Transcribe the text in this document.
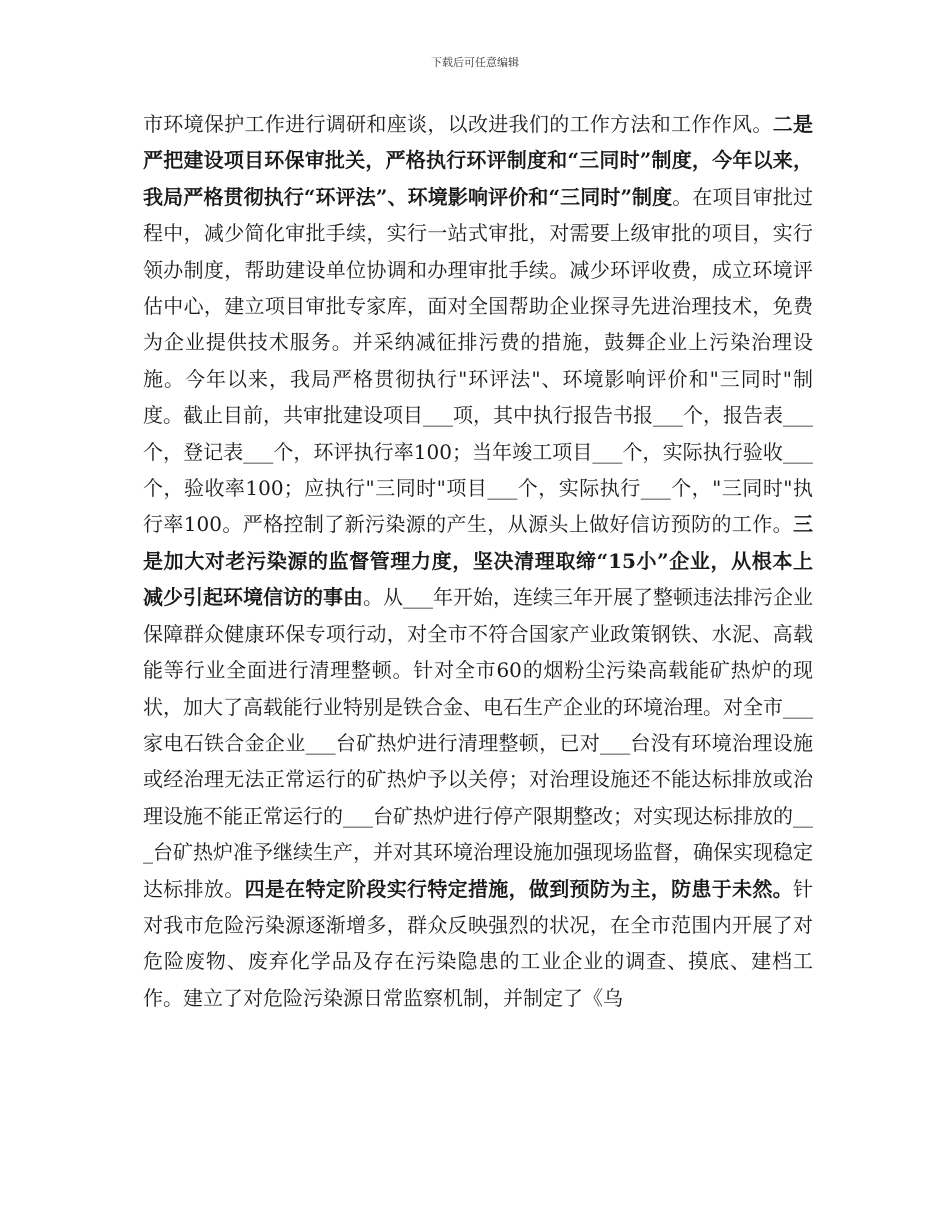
下载后可任意编辑

市环境保护工作进行调研和座谈，以改进我们的工作方法和工作作风。二是严把建设项目环保审批关，严格执行环评制度和“三同时”制度，今年以来，我局严格贯彻执行“环评法”、环境影响评价和“三同时”制度。在项目审批过程中，减少简化审批手续，实行一站式审批，对需要上级审批的项目，实行领办制度，帮助建设单位协调和办理审批手续。减少环评收费，成立环境评估中心，建立项目审批专家库，面对全国帮助企业探寻先进治理技术，免费为企业提供技术服务。并采纳减征排污费的措施，鼓舞企业上污染治理设施。今年以来，我局严格贯彻执行"环评法"、环境影响评价和"三同时"制度。截止目前，共审批建设项目___项，其中执行报告书报___个，报告表___个，登记表___个，环评执行率100；当年竣工项目___个，实际执行验收___个，验收率100；应执行"三同时"项目___个，实际执行___个，"三同时"执行率100。严格控制了新污染源的产生，从源头上做好信访预防的工作。三是加大对老污染源的监督管理力度，坚决清理取缔“15小”企业，从根本上减少引起环境信访的事由。从___年开始，连续三年开展了整顿违法排污企业保障群众健康环保专项行动，对全市不符合国家产业政策钢铁、水泥、高载能等行业全面进行清理整顿。针对全市60的烟粉尘污染高载能矿热炉的现状，加大了高载能行业特别是铁合金、电石生产企业的环境治理。对全市___家电石铁合金企业___台矿热炉进行清理整顿，已对___台没有环境治理设施或经治理无法正常运行的矿热炉予以关停；对治理设施还不能达标排放或治理设施不能正常运行的___台矿热炉进行停产限期整改；对实现达标排放的___台矿热炉准予继续生产，并对其环境治理设施加强现场监督，确保实现稳定达标排放。四是在特定阶段实行特定措施，做到预防为主，防患于未然。针对我市危险污染源逐渐增多，群众反映强烈的状况，在全市范围内开展了对危险废物、废弃化学品及存在污染隐患的工业企业的调查、摸底、建档工作。建立了对危险污染源日常监察机制，并制定了《乌
